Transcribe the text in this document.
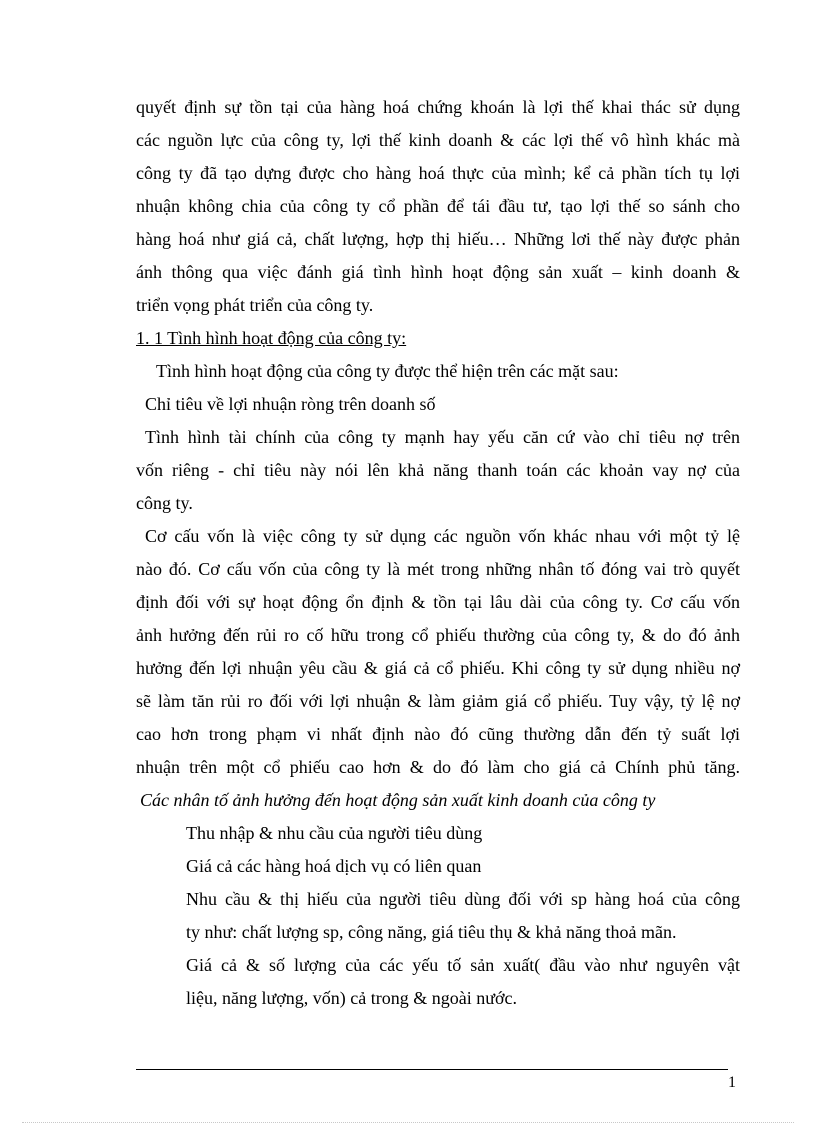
quyết định sự tồn tại của hàng hoá chứng khoán là lợi thế khai thác sử dụng
các nguồn lực của công ty, lợi thế kinh doanh & các lợi thế vô hình khác mà
công ty đã tạo dựng được cho hàng hoá thực của mình; kể cả phần tích tụ lợi
nhuận không chia của công ty cổ phần để tái đầu tư, tạo lợi thế so sánh cho
hàng hoá như giá cả, chất lượng, hợp thị hiếu… Những lơi thế này được phản
ánh thông qua việc đánh giá tình hình hoạt động sản xuất – kinh doanh &
triển vọng phát triển của công ty.
1. 1 Tình hình hoạt động của công ty:
Tình hình hoạt động của công ty được thể hiện trên các mặt sau:
Chỉ tiêu về lợi nhuận ròng trên doanh số
Tình hình tài chính của công ty mạnh hay yếu căn cứ vào chỉ tiêu nợ trên
vốn riêng - chỉ tiêu này nói lên khả năng thanh toán các khoản vay nợ của
công ty.
Cơ cấu vốn là việc công ty sử dụng các nguồn vốn khác nhau với một tỷ lệ
nào đó. Cơ cấu vốn của công ty là mét trong những nhân tố đóng vai trò quyết
định đối với sự hoạt động ổn định & tồn tại lâu dài của công ty. Cơ cấu vốn
ảnh hưởng đến rủi ro cố hữu trong cổ phiếu thường của công ty, & do đó ảnh
hưởng đến lợi nhuận yêu cầu & giá cả cổ phiếu. Khi công ty sử dụng nhiều nợ
sẽ làm tăn rủi ro đối với lợi nhuận & làm giảm giá cổ phiếu. Tuy vậy, tỷ lệ nợ
cao hơn trong phạm vi nhất định nào đó cũng thường dẫn đến tỷ suất lợi
nhuận trên một cổ phiếu cao hơn & do đó làm cho giá cả Chính phủ tăng.
Các nhân tố ảnh hưởng đến hoạt động sản xuất kinh doanh của công ty
Thu nhập & nhu cầu của người tiêu dùng
Giá cả các hàng hoá dịch vụ có liên quan
Nhu cầu & thị hiếu của người tiêu dùng đối với sp hàng hoá của công
ty như: chất lượng sp, công năng, giá tiêu thụ & khả năng thoả mãn.
Giá cả & số lượng của các yếu tố sản xuất( đầu vào như nguyên vật
liệu, năng lượng, vốn) cả trong & ngoài nước.
1
